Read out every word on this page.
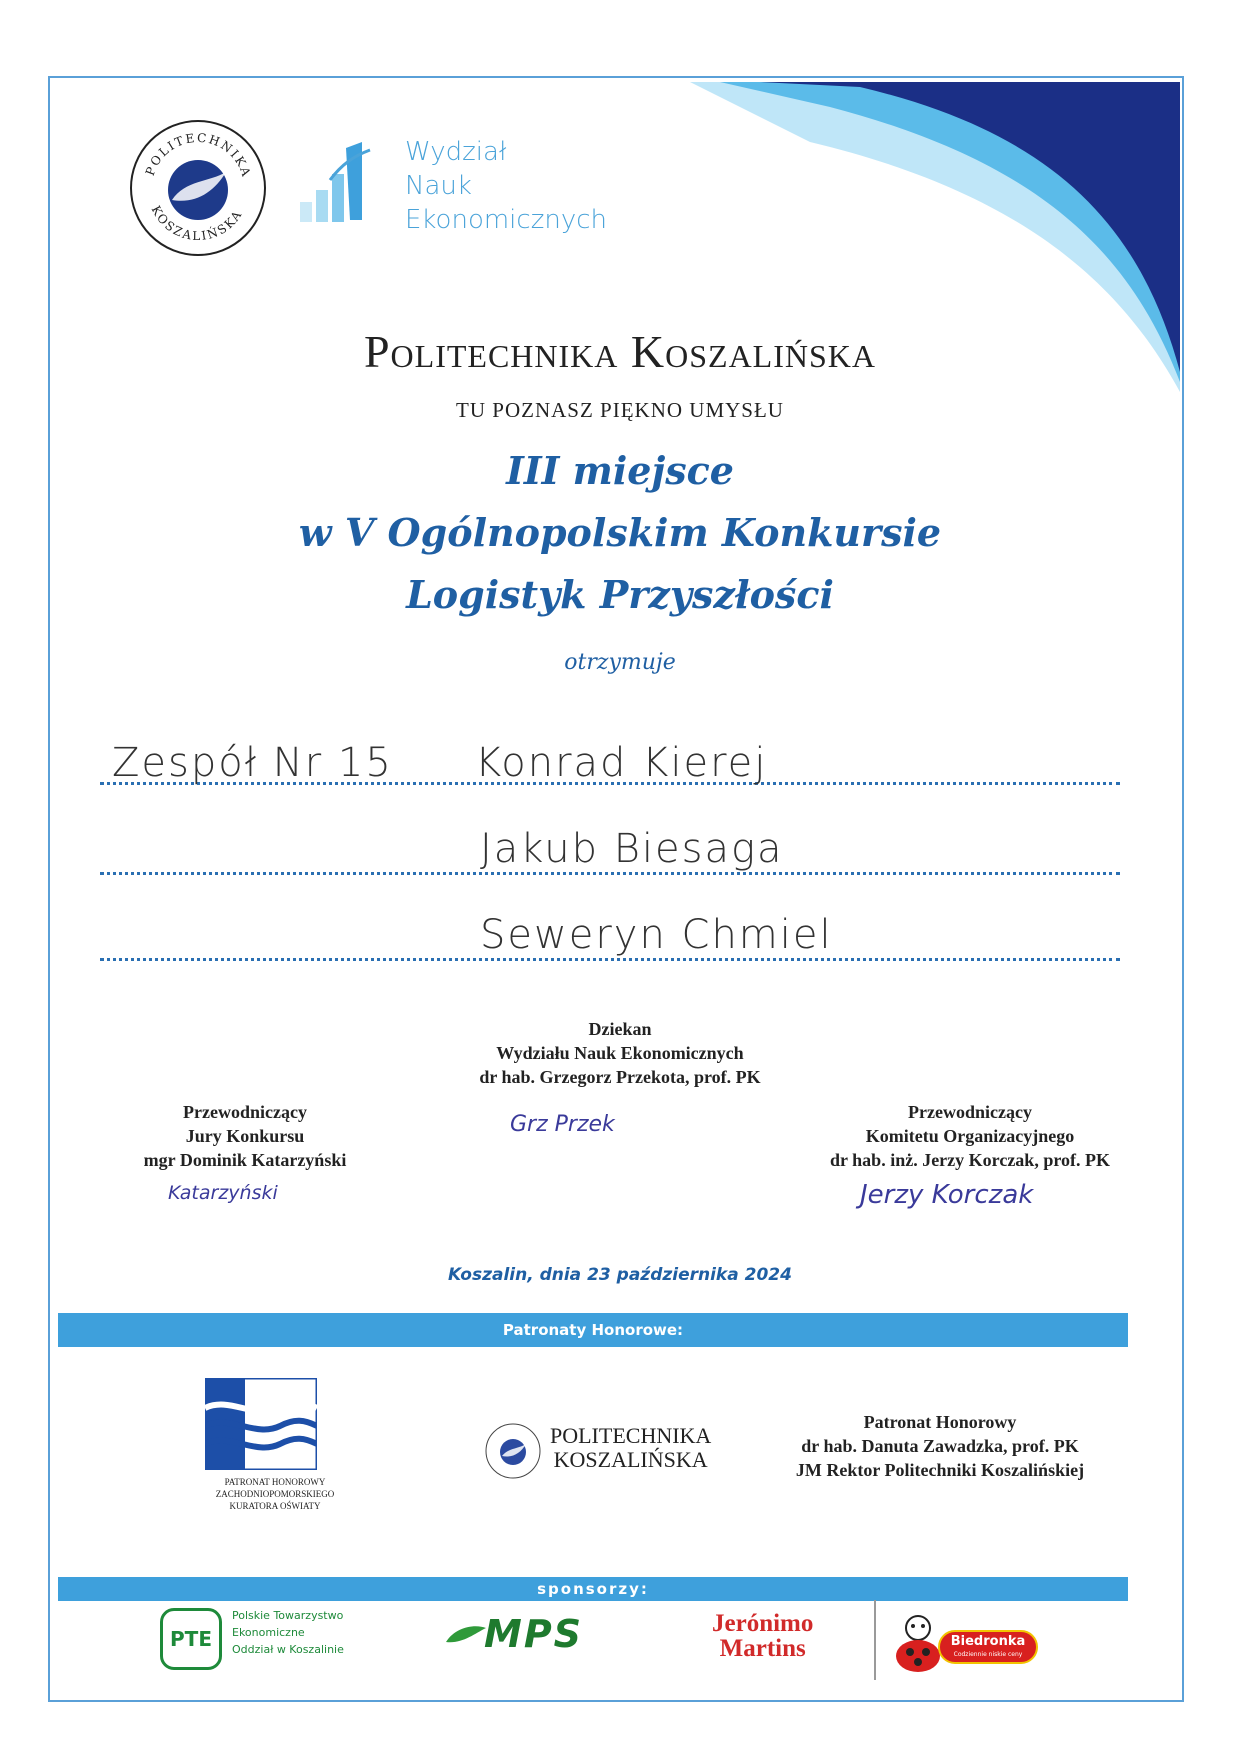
POLITECHNIKA
KOSZALIŃSKA
Wydział
Nauk
Ekonomicznych
Politechnika Koszalińska
TU POZNASZ PIĘKNO UMYSŁU
III miejsce
w V Ogólnopolskim Konkursie
Logistyk Przyszłości
otrzymuje
Zespół Nr 15 Konrad Kierej
Jakub Biesaga
Seweryn Chmiel
Dziekan
Wydziału Nauk Ekonomicznych
dr hab. Grzegorz Przekota, prof. PK
Grz Przek
Przewodniczący
Jury Konkursu
mgr Dominik Katarzyński
Katarzyński
Przewodniczący
Komitetu Organizacyjnego
dr hab. inż. Jerzy Korczak, prof. PK
Jerzy Korczak
Koszalin, dnia 23 października 2024
Patronaty Honorowe:
PATRONAT HONOROWY
ZACHODNIOPOMORSKIEGO
KURATORA OŚWIATY
POLITECHNIKA
KOSZALIŃSKA
Patronat Honorowy
dr hab. Danuta Zawadzka, prof. PK
JM Rektor Politechniki Koszalińskiej
sponsorzy:
PTE
Polskie Towarzystwo
Ekonomiczne
Oddział w Koszalinie	MPS	Jerónimo
Martins	Biedronka
Codziennie niskie ceny
